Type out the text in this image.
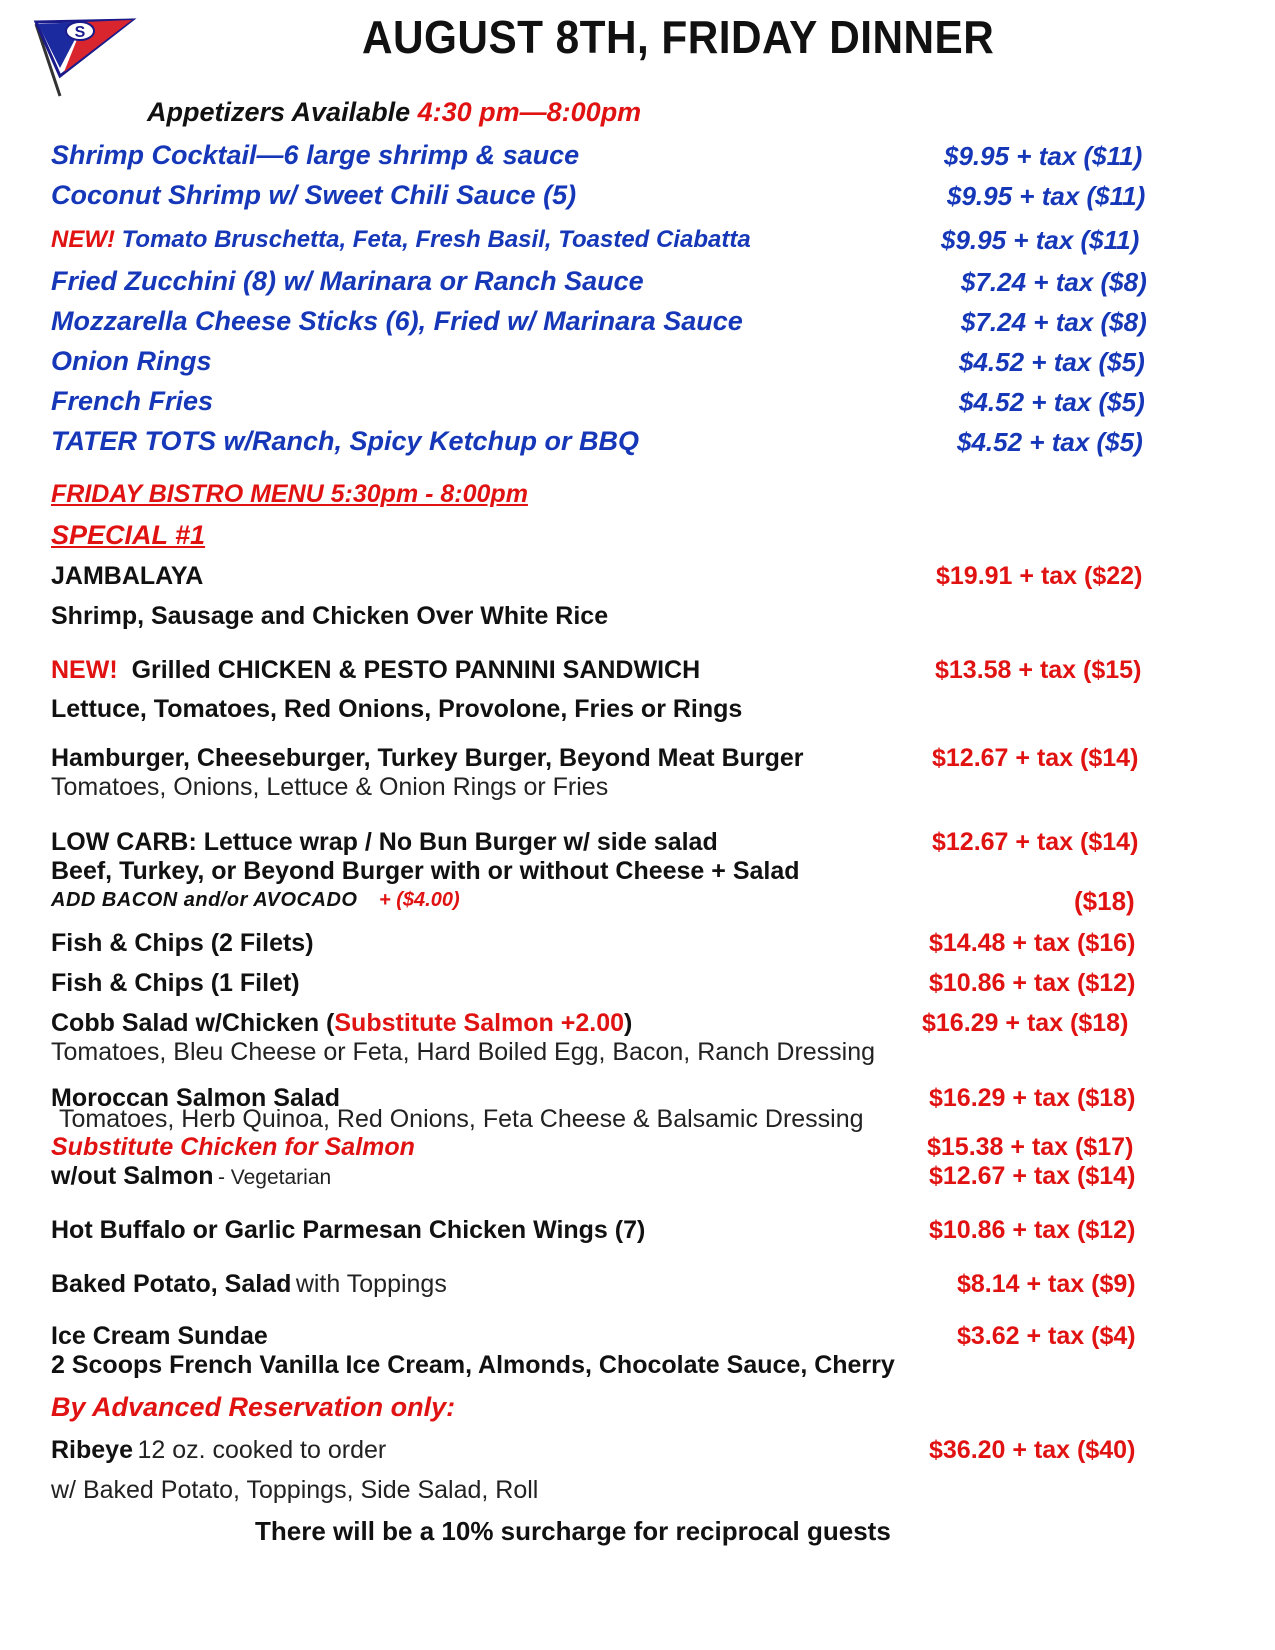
S	AUGUST 8TH, FRIDAY DINNER
Appetizers Available 4:30 pm—8:00pm
Shrimp Cocktail—6 large shrimp & sauce	$9.95 + tax ($11)
Coconut Shrimp w/ Sweet Chili Sauce (5)	$9.95 + tax ($11)
NEW! Tomato Bruschetta, Feta, Fresh Basil, Toasted Ciabatta	$9.95 + tax ($11)
Fried Zucchini (8) w/ Marinara or Ranch Sauce	$7.24 + tax ($8)
Mozzarella Cheese Sticks (6), Fried w/ Marinara Sauce	$7.24 + tax ($8)
Onion Rings	$4.52 + tax ($5)
French Fries	$4.52 + tax ($5)
TATER TOTS w/Ranch, Spicy Ketchup or BBQ	$4.52 + tax ($5)
FRIDAY BISTRO MENU 5:30pm - 8:00pm
SPECIAL #1
JAMBALAYA	$19.91 + tax ($22)
Shrimp, Sausage and Chicken Over White Rice
NEW! Grilled CHICKEN & PESTO PANNINI SANDWICH	$13.58 + tax ($15)
Lettuce, Tomatoes, Red Onions, Provolone, Fries or Rings
Hamburger, Cheeseburger, Turkey Burger, Beyond Meat Burger	$12.67 + tax ($14)
Tomatoes, Onions, Lettuce & Onion Rings or Fries
LOW CARB: Lettuce wrap / No Bun Burger w/ side salad	$12.67 + tax ($14)
Beef, Turkey, or Beyond Burger with or without Cheese + Salad
ADD BACON and/or AVOCADO + ($4.00)	($18)
Fish & Chips (2 Filets)	$14.48 + tax ($16)
Fish & Chips (1 Filet)	$10.86 + tax ($12)
Cobb Salad w/Chicken (Substitute Salmon +2.00)	$16.29 + tax ($18)
Tomatoes, Bleu Cheese or Feta, Hard Boiled Egg, Bacon, Ranch Dressing
Moroccan Salmon Salad	$16.29 + tax ($18)
Tomatoes, Herb Quinoa, Red Onions, Feta Cheese & Balsamic Dressing
Substitute Chicken for Salmon	$15.38 + tax ($17)
w/out Salmon - Vegetarian	$12.67 + tax ($14)
Hot Buffalo or Garlic Parmesan Chicken Wings (7)	$10.86 + tax ($12)
Baked Potato, Salad with Toppings	$8.14 + tax ($9)
Ice Cream Sundae	$3.62 + tax ($4)
2 Scoops French Vanilla Ice Cream, Almonds, Chocolate Sauce, Cherry
By Advanced Reservation only:
Ribeye 12 oz. cooked to order	$36.20 + tax ($40)
w/ Baked Potato, Toppings, Side Salad, Roll
There will be a 10% surcharge for reciprocal guests
